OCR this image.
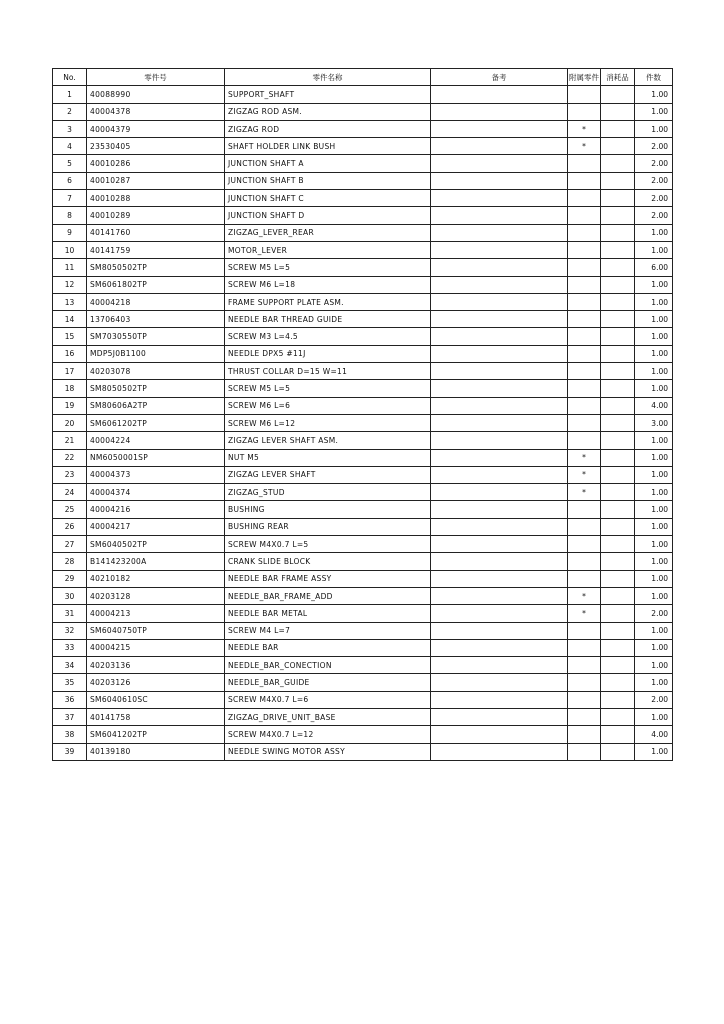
No.	零件号	零件名称	备考	附属零件	消耗品	件数
1	40088990	SUPPORT_SHAFT				1.00
2	40004378	ZIGZAG ROD ASM.				1.00
3	40004379	ZIGZAG ROD		*		1.00
4	23530405	SHAFT HOLDER LINK BUSH		*		2.00
5	40010286	JUNCTION SHAFT A				2.00
6	40010287	JUNCTION SHAFT B				2.00
7	40010288	JUNCTION SHAFT C				2.00
8	40010289	JUNCTION SHAFT D				2.00
9	40141760	ZIGZAG_LEVER_REAR				1.00
10	40141759	MOTOR_LEVER				1.00
11	SM8050502TP	SCREW M5 L=5				6.00
12	SM6061802TP	SCREW M6 L=18				1.00
13	40004218	FRAME SUPPORT PLATE ASM.				1.00
14	13706403	NEEDLE BAR THREAD GUIDE				1.00
15	SM7030550TP	SCREW M3 L=4.5				1.00
16	MDP5J0B1100	NEEDLE DPX5 #11J				1.00
17	40203078	THRUST COLLAR D=15 W=11				1.00
18	SM8050502TP	SCREW M5 L=5				1.00
19	SM80606A2TP	SCREW M6 L=6				4.00
20	SM6061202TP	SCREW M6 L=12				3.00
21	40004224	ZIGZAG LEVER SHAFT ASM.				1.00
22	NM6050001SP	NUT M5		*		1.00
23	40004373	ZIGZAG LEVER SHAFT		*		1.00
24	40004374	ZIGZAG_STUD		*		1.00
25	40004216	BUSHING				1.00
26	40004217	BUSHING REAR				1.00
27	SM6040502TP	SCREW M4X0.7 L=5				1.00
28	B141423200A	CRANK SLIDE BLOCK				1.00
29	40210182	NEEDLE BAR FRAME ASSY				1.00
30	40203128	NEEDLE_BAR_FRAME_ADD		*		1.00
31	40004213	NEEDLE BAR METAL		*		2.00
32	SM6040750TP	SCREW M4 L=7				1.00
33	40004215	NEEDLE BAR				1.00
34	40203136	NEEDLE_BAR_CONECTION				1.00
35	40203126	NEEDLE_BAR_GUIDE				1.00
36	SM6040610SC	SCREW M4X0.7 L=6				2.00
37	40141758	ZIGZAG_DRIVE_UNIT_BASE				1.00
38	SM6041202TP	SCREW M4X0.7 L=12				4.00
39	40139180	NEEDLE SWING MOTOR ASSY				1.00
